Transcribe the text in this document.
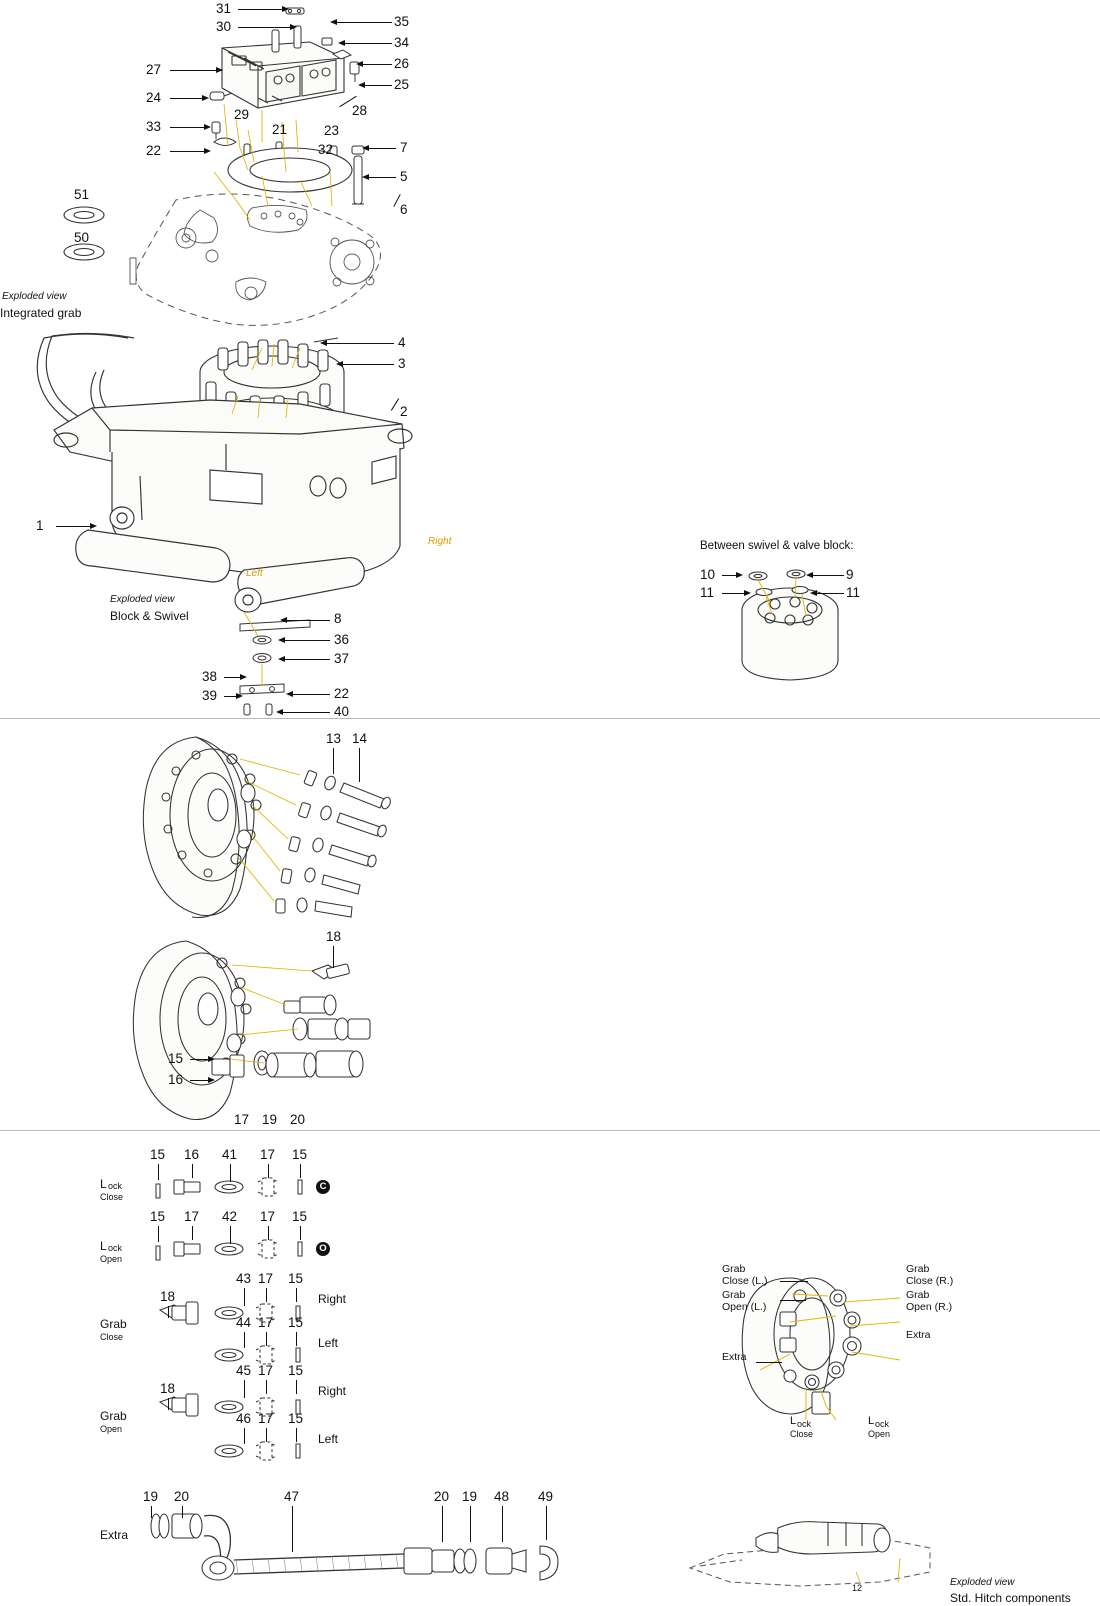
31
30	35
34
27	26
25
24
29	28
33	21	23
32	7
22
5
6
51
50
Exploded view
Integrated grab
4
3
2
1
Right
Left
Exploded view
Block & Swivel	8
36
37
38
22
39
40
Between swivel & valve block:
10	9
11	11
13 14
18
15
16
17 19 20
15 16 41 17 15
C
L ock
Close
15 17 42 17 15
O
L ock
Open
18
43 17 15
Right
Grab
Close
44 17 15
Left
18
45 17 15
Right
Grab
Open
46 17 15
Left
19 20	47	20 19 48 49
Extra
Grab
Close (L.)
Grab
Close (R.)
Grab
Open (L.)
Grab
Open (R.)
Extra
Extra
L ock
Close
L ock
Open
Exploded view
Std. Hitch components
12
